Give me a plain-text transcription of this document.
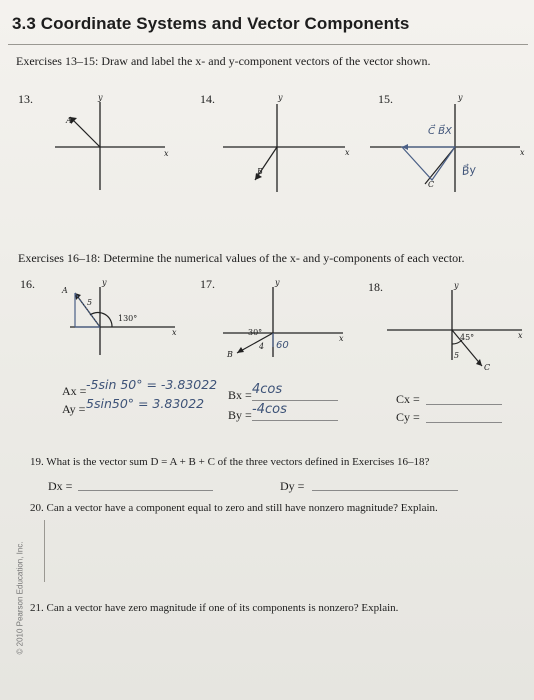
3.3 Coordinate Systems and Vector Components
Exercises 13–15: Draw and label the x- and y-component vectors of the vector shown.
13.	y
x
A
14.	y
x
B
15.	y
x
C
C⃗ B⃗X
B⃗y
Exercises 16–18: Determine the numerical values of the x- and y-components of each vector.
16.	y
x
A
5
130°
17.	y
x
B
30°
4 60
18.	y
x
45°
5
C
Ax = -5sin 50° = -3.83022
Ay = 5sin50° = 3.83022
Bx = 4cos
By = -4cos
Cx =
Cy =
19. What is the vector sum D = A + B + C of the three vectors defined in Exercises 16–18?
Dx =	Dy =
20. Can a vector have a component equal to zero and still have nonzero magnitude? Explain.
21. Can a vector have zero magnitude if one of its components is nonzero? Explain.
© 2010 Pearson Education, Inc.
